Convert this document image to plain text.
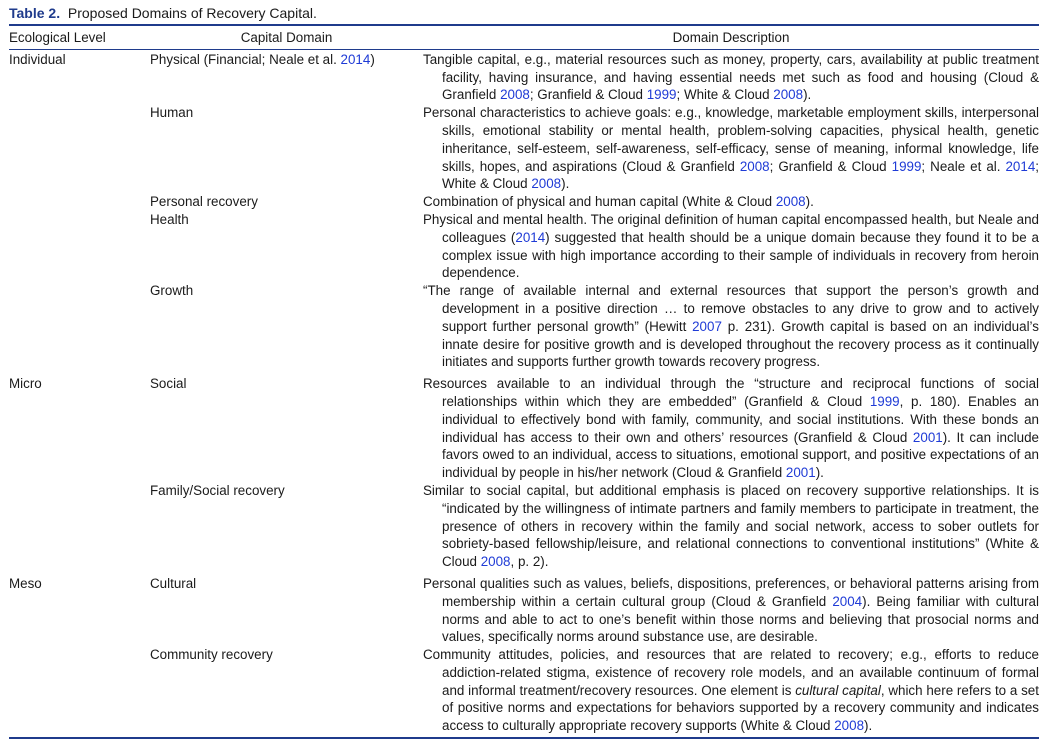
Table 2. Proposed Domains of Recovery Capital.
Ecological Level	Capital Domain	Domain Description
Individual	Physical (Financial; Neale et al. 2014)	Tangible capital, e.g., material resources such as money, property, cars, availability at public treatment facility, having insurance, and having essential needs met such as food and housing (Cloud & Granfield 2008; Granfield & Cloud 1999; White & Cloud 2008).
	Human	Personal characteristics to achieve goals: e.g., knowledge, marketable employment skills, interpersonal skills, emotional stability or mental health, problem-solving capacities, physical health, genetic inheritance, self-esteem, self-awareness, self-efficacy, sense of meaning, informal knowledge, life skills, hopes, and aspirations (Cloud & Granfield 2008; Granfield & Cloud 1999; Neale et al. 2014; White & Cloud 2008).
	Personal recovery	Combination of physical and human capital (White & Cloud 2008).
	Health	Physical and mental health. The original definition of human capital encompassed health, but Neale and colleagues (2014) suggested that health should be a unique domain because they found it to be a complex issue with high importance according to their sample of individuals in recovery from heroin dependence.
	Growth	“The range of available internal and external resources that support the person’s growth and development in a positive direction … to remove obstacles to any drive to grow and to actively support further personal growth” (Hewitt 2007 p. 231). Growth capital is based on an individual’s innate desire for positive growth and is developed throughout the recovery process as it continually initiates and supports further growth towards recovery progress.
Micro	Social	Resources available to an individual through the “structure and reciprocal functions of social relationships within which they are embedded” (Granfield & Cloud 1999, p. 180). Enables an individual to effectively bond with family, community, and social institutions. With these bonds an individual has access to their own and others’ resources (Granfield & Cloud 2001). It can include favors owed to an individual, access to situations, emotional support, and positive expectations of an individual by people in his/her network (Cloud & Granfield 2001).
	Family/Social recovery	Similar to social capital, but additional emphasis is placed on recovery supportive relationships. It is “indicated by the willingness of intimate partners and family members to participate in treatment, the presence of others in recovery within the family and social network, access to sober outlets for sobriety-based fellowship/leisure, and relational connections to conventional institutions” (White & Cloud 2008, p. 2).
Meso	Cultural	Personal qualities such as values, beliefs, dispositions, preferences, or behavioral patterns arising from membership within a certain cultural group (Cloud & Granfield 2004). Being familiar with cultural norms and able to act to one’s benefit within those norms and believing that prosocial norms and values, specifically norms around substance use, are desirable.
	Community recovery	Community attitudes, policies, and resources that are related to recovery; e.g., efforts to reduce addiction-related stigma, existence of recovery role models, and an available continuum of formal and informal treatment/recovery resources. One element is cultural capital, which here refers to a set of positive norms and expectations for behaviors supported by a recovery community and indicates access to culturally appropriate recovery supports (White & Cloud 2008).
